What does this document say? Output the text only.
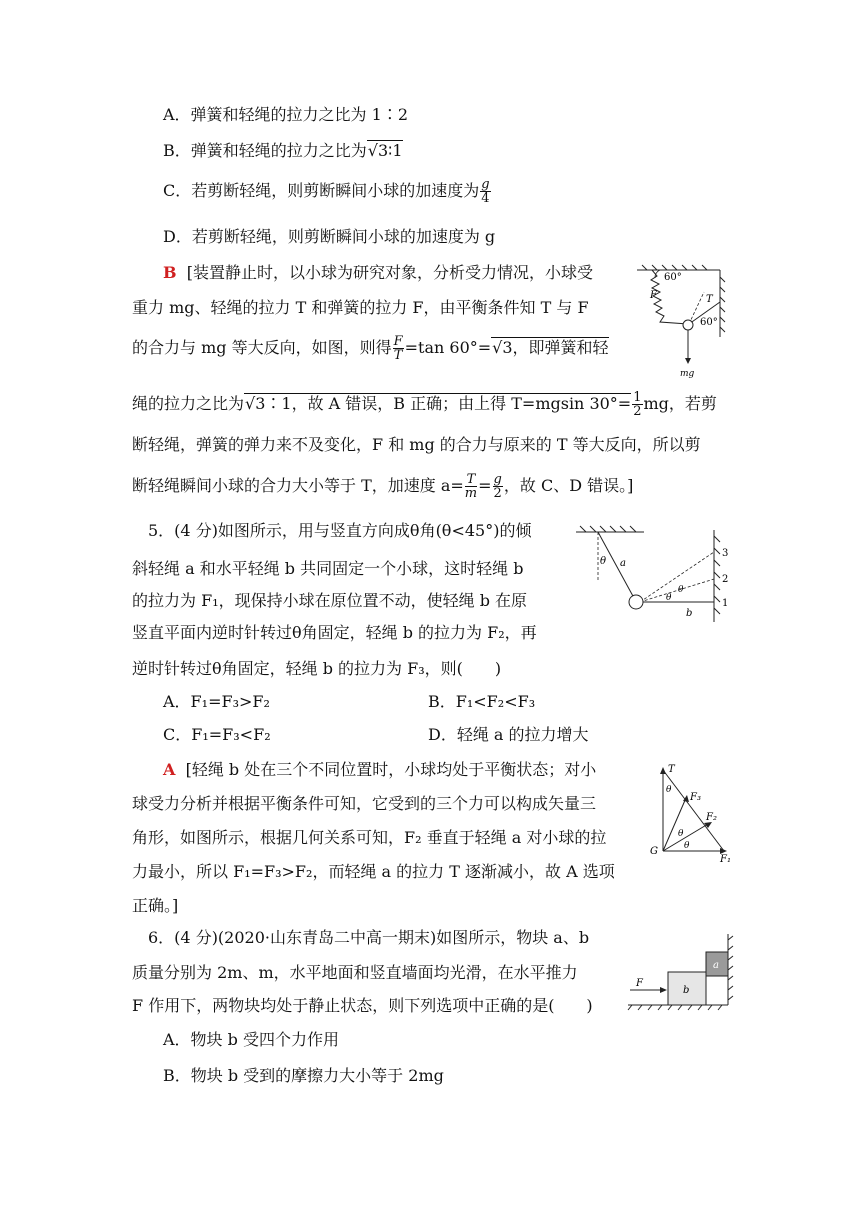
A．弹簧和轻绳的拉力之比为 1∶2
B．弹簧和轻绳的拉力之比为 √ 3∶1
C．若剪断轻绳，则剪断瞬间小球的加速度为 $\frac{g}{4}$
D．若剪断轻绳，则剪断瞬间小球的加速度为 g
B [装置静止时，以小球为研究对象，分析受力情况，小球受
重力 mg、轻绳的拉力 T 和弹簧的拉力 F，由平衡条件知 T 与 F
的合力与 mg 等大反向，如图，则得 $\frac{F}{T} =\tan$ 60°= √ 3，即弹簧和轻
绳的拉力之比为 √ 3∶1，故 A 错误，B 正确；由上得 T=mgsin $30^\circ= \frac{1}{2}$ mg，若剪
断轻绳，弹簧的弹力来不及变化，F 和 mg 的合力与原来的 T 等大反向，所以剪
断轻绳瞬间小球的合力大小等于 T，加速度 $a= \frac{T}{m} = \frac{g}{2}$ ，故 C、D 错误。]
60°
F	T
60°
mg
5．(4 分)如图所示，用与竖直方向成θ角(θ<45°)的倾
斜轻绳 a 和水平轻绳 b 共同固定一个小球，这时轻绳 b
的拉力为 F₁，现保持小球在原位置不动，使轻绳 b 在原
竖直平面内逆时针转过θ角固定，轻绳 b 的拉力为 F₂，再
逆时针转过θ角固定，轻绳 b 的拉力为 F₃，则(　　)
A．F₁=F₃>F₂	B．F₁<F₂<F₃
C．F₁=F₃<F₂	D．轻绳 a 的拉力增大
A [轻绳 b 处在三个不同位置时，小球均处于平衡状态；对小
球受力分析并根据平衡条件可知，它受到的三个力可以构成矢量三
角形，如图所示，根据几何关系可知，F₂ 垂直于轻绳 a 对小球的拉
力最小，所以 F₁=F₃>F₂，而轻绳 a 的拉力 T 逐渐减小，故 A 选项
正确。]
a
θ
θ
θ
b
1
2
3
T
F₁
F₂
F₃
G
θ
θ
θ
6．(4 分)(2020·山东青岛二中高一期末)如图所示，物块 a、b
质量分别为 2m、m，水平地面和竖直墙面均光滑，在水平推力
F 作用下，两物块均处于静止状态，则下列选项中正确的是(　　)
A．物块 b 受四个力作用
B．物块 b 受到的摩擦力大小等于 2mg
b
a
F
